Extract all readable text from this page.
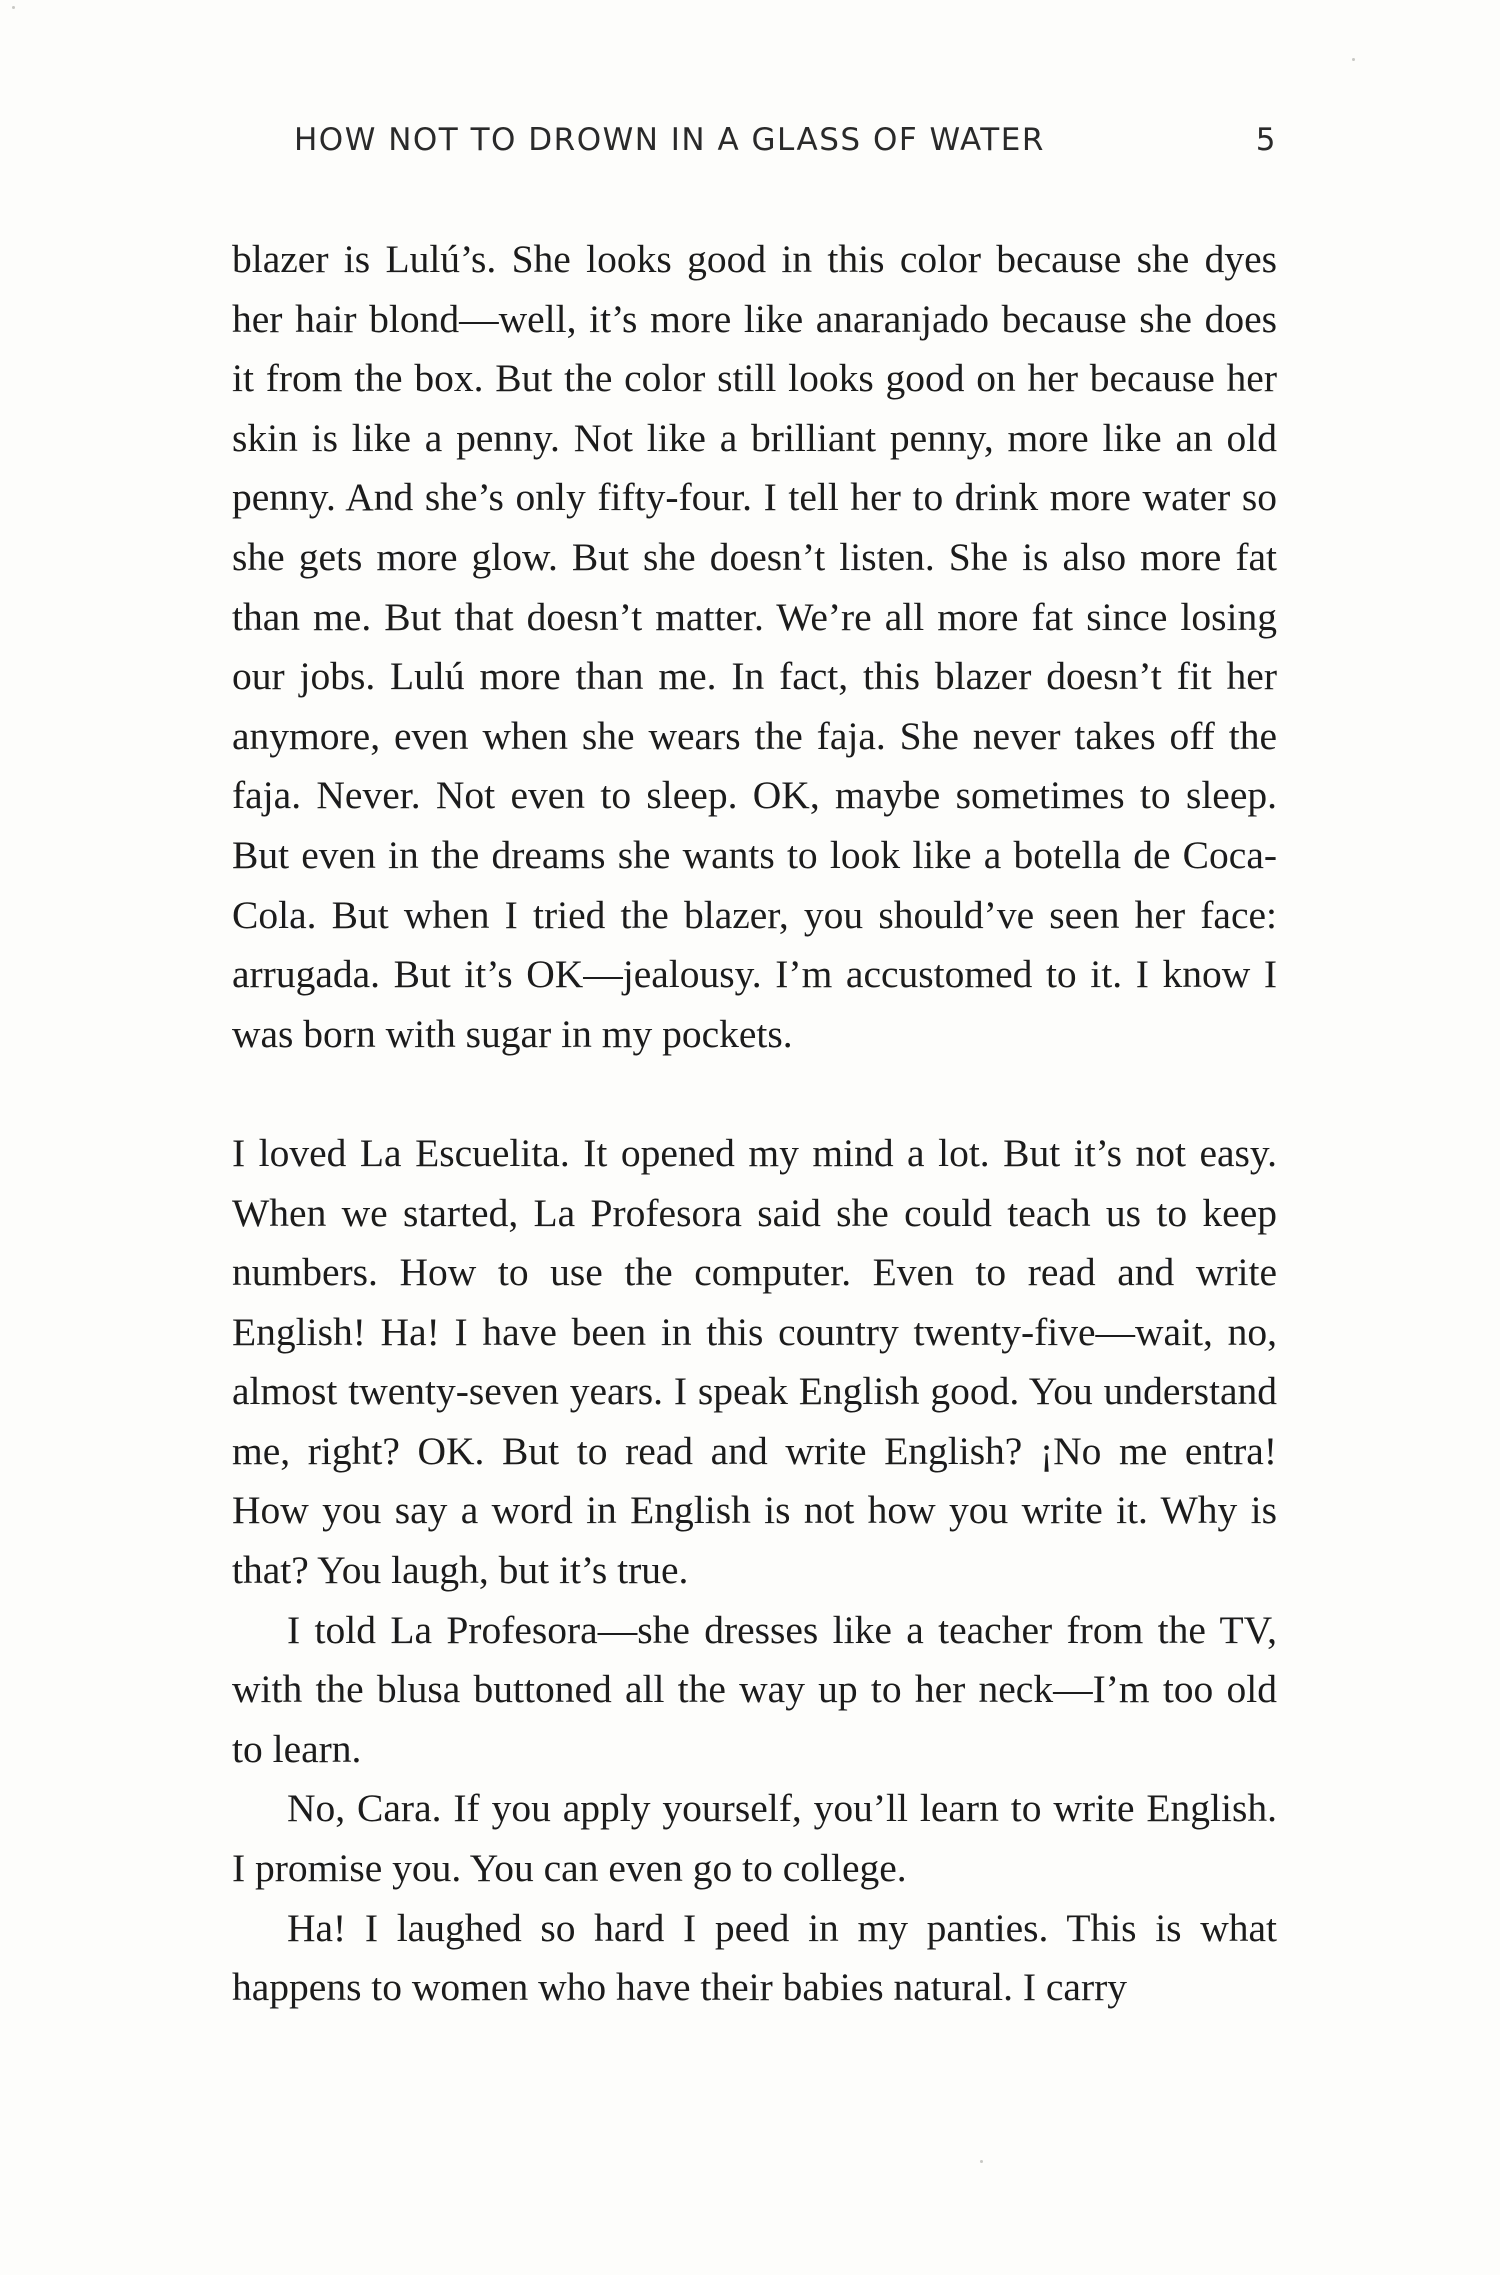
HOW NOT TO DROWN IN A GLASS OF WATER	5

blazer is Lulú’s. She looks good in this color because she dyes her hair blond—well, it’s more like anaranjado because she does it from the box. But the color still looks good on her because her skin is like a penny. Not like a brilliant penny, more like an old penny. And she’s only fifty-four. I tell her to drink more water so she gets more glow. But she doesn’t listen. She is also more fat than me. But that doesn’t matter. We’re all more fat since losing our jobs. Lulú more than me. In fact, this blazer doesn’t fit her anymore, even when she wears the faja. She never takes off the faja. Never. Not even to sleep. OK, maybe sometimes to sleep. But even in the dreams she wants to look like a botella de Coca-Cola. But when I tried the blazer, you should’ve seen her face: arrugada. But it’s OK—jealousy. I’m accustomed to it. I know I was born with sugar in my pockets.

I loved La Escuelita. It opened my mind a lot. But it’s not easy. When we started, La Profesora said she could teach us to keep numbers. How to use the computer. Even to read and write English! Ha! I have been in this country twenty-five—wait, no, almost twenty-seven years. I speak English good. You understand me, right? OK. But to read and write English? ¡No me entra! How you say a word in English is not how you write it. Why is that? You laugh, but it’s true.

I told La Profesora—she dresses like a teacher from the TV, with the blusa buttoned all the way up to her neck—I’m too old to learn.

No, Cara. If you apply yourself, you’ll learn to write English. I promise you. You can even go to college.

Ha! I laughed so hard I peed in my panties. This is what happens to women who have their babies natural. I carry
